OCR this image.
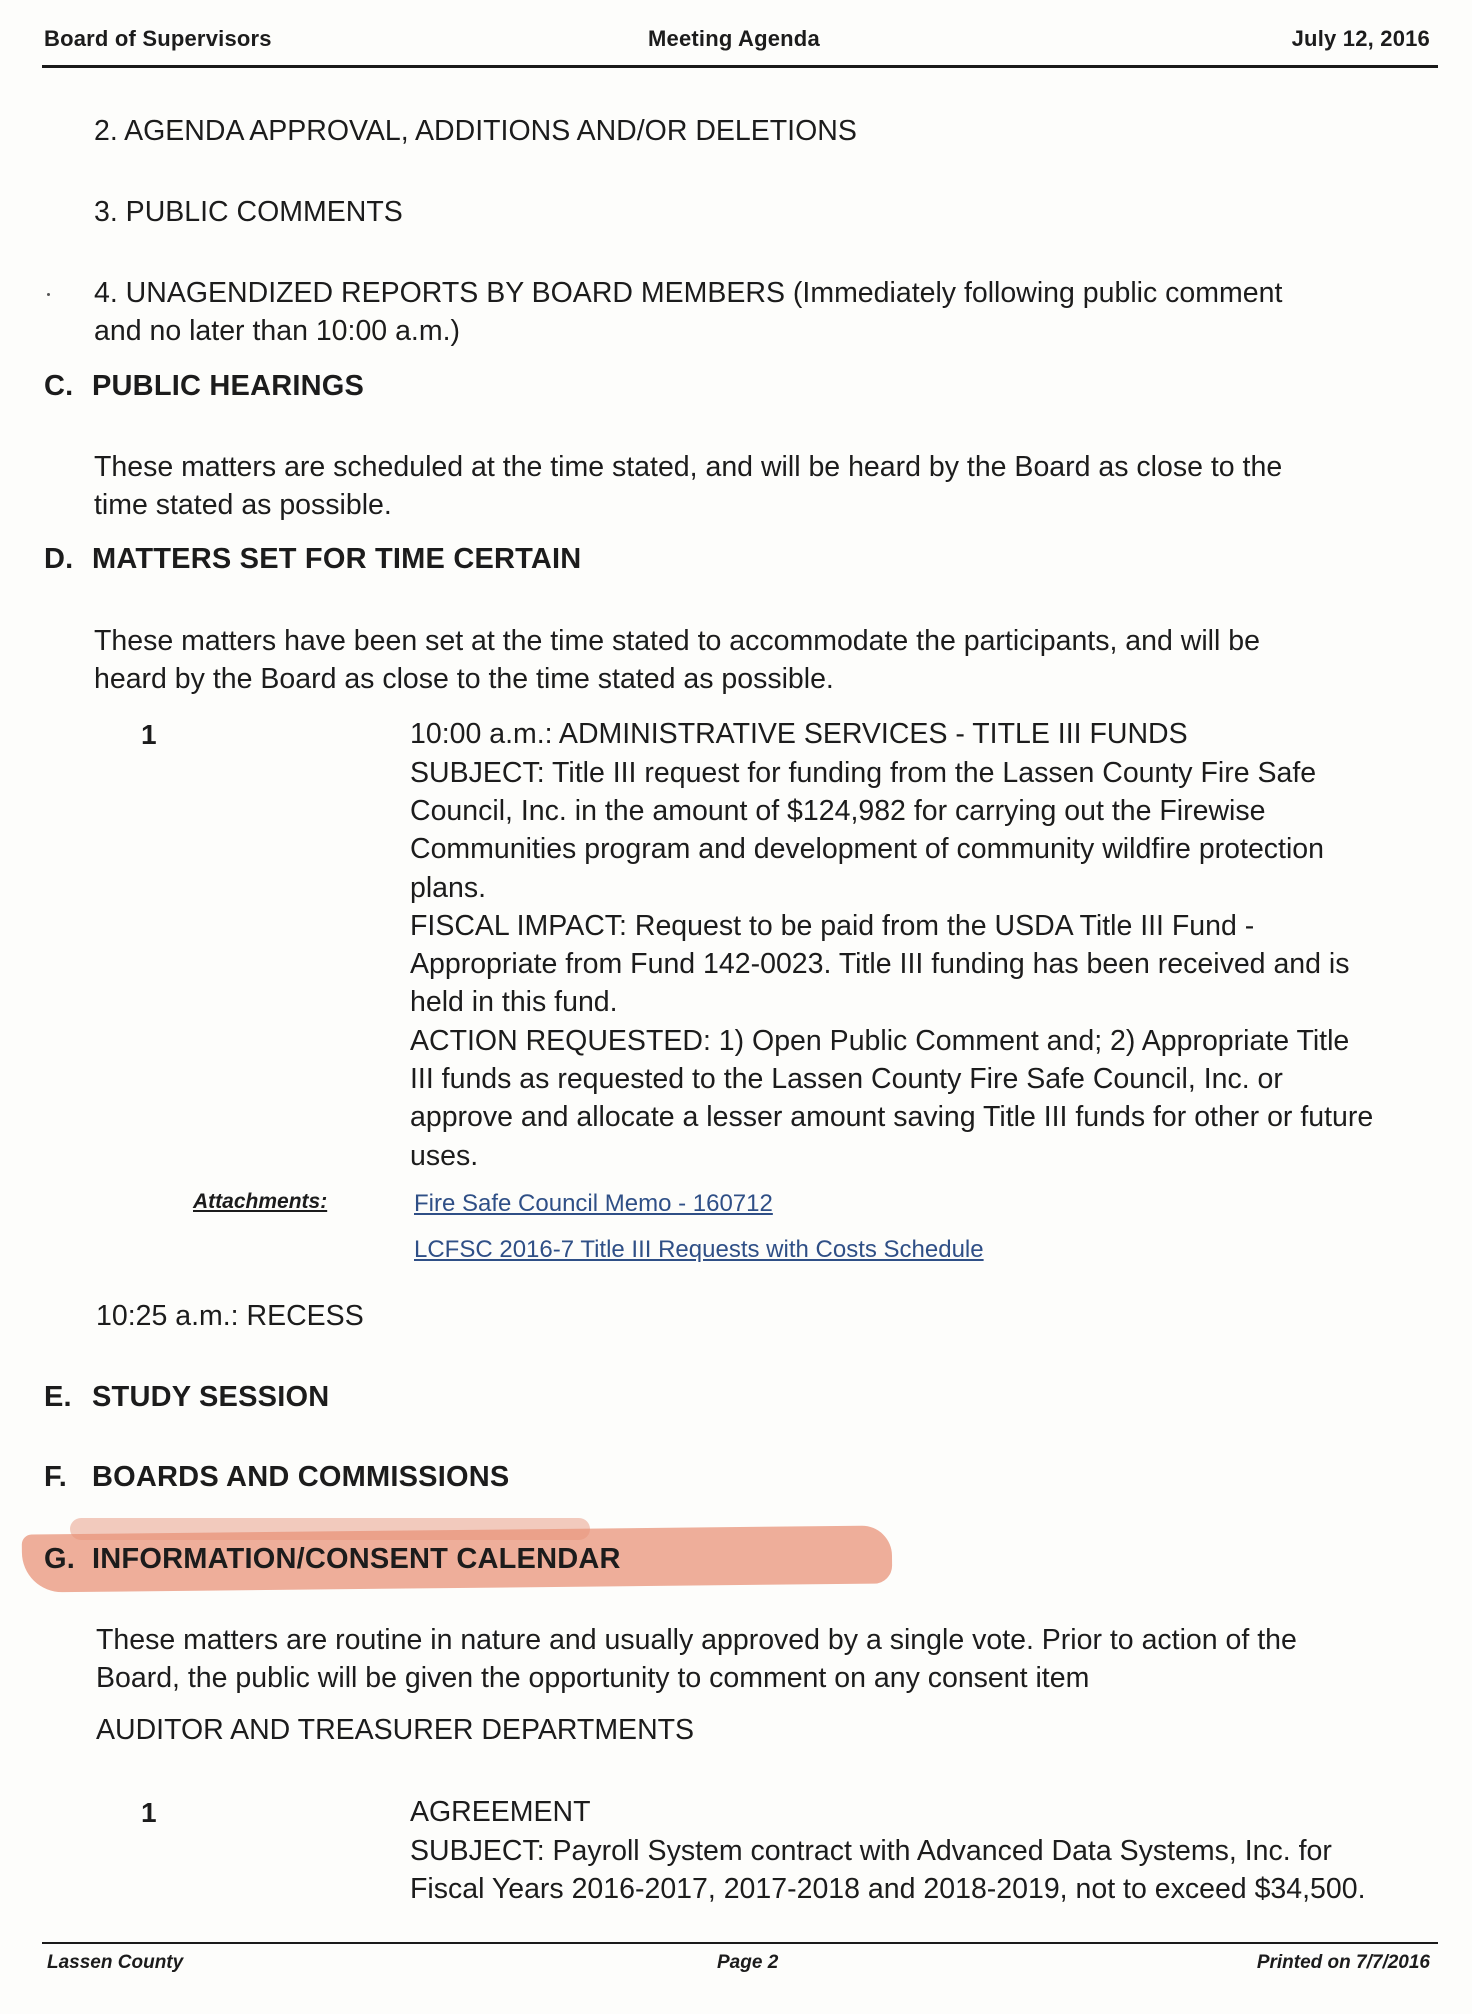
Board of Supervisors	Meeting Agenda	July 12, 2016
2. AGENDA APPROVAL, ADDITIONS AND/OR DELETIONS
3. PUBLIC COMMENTS
4. UNAGENDIZED REPORTS BY BOARD MEMBERS (Immediately following public comment
and no later than 10:00 a.m.)
C. PUBLIC HEARINGS
These matters are scheduled at the time stated, and will be heard by the Board as close to the
time stated as possible.
D. MATTERS SET FOR TIME CERTAIN
These matters have been set at the time stated to accommodate the participants, and will be
heard by the Board as close to the time stated as possible.
1	10:00 a.m.: ADMINISTRATIVE SERVICES - TITLE III FUNDS
SUBJECT: Title III request for funding from the Lassen County Fire Safe
Council, Inc. in the amount of $124,982 for carrying out the Firewise
Communities program and development of community wildfire protection
plans.
FISCAL IMPACT: Request to be paid from the USDA Title III Fund -
Appropriate from Fund 142-0023. Title III funding has been received and is
held in this fund.
ACTION REQUESTED: 1) Open Public Comment and; 2) Appropriate Title
III funds as requested to the Lassen County Fire Safe Council, Inc. or
approve and allocate a lesser amount saving Title III funds for other or future
uses.
Attachments:	Fire Safe Council Memo - 160712
LCFSC 2016-7 Title III Requests with Costs Schedule
10:25 a.m.: RECESS
E. STUDY SESSION
F. BOARDS AND COMMISSIONS
G. INFORMATION/CONSENT CALENDAR
These matters are routine in nature and usually approved by a single vote. Prior to action of the
Board, the public will be given the opportunity to comment on any consent item
AUDITOR AND TREASURER DEPARTMENTS
1	AGREEMENT
SUBJECT: Payroll System contract with Advanced Data Systems, Inc. for
Fiscal Years 2016-2017, 2017-2018 and 2018-2019, not to exceed $34,500.
Lassen County	Page 2	Printed on 7/7/2016
